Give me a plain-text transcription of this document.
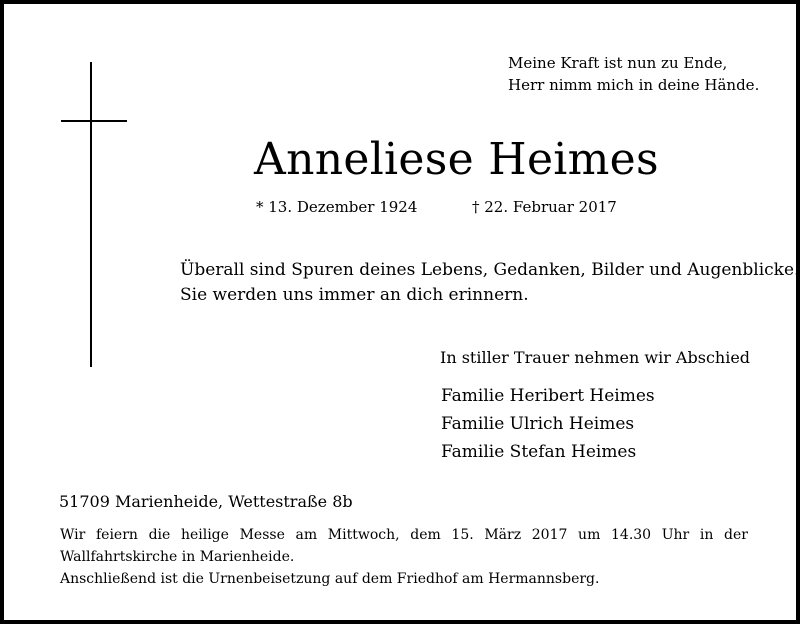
Meine Kraft ist nun zu Ende,
Herr nimm mich in deine Hände.
Anneliese Heimes
* 13. Dezember 1924	† 22. Februar 2017
Überall sind Spuren deines Lebens, Gedanken, Bilder und Augenblicke.
Sie werden uns immer an dich erinnern.
In stiller Trauer nehmen wir Abschied
Familie Heribert Heimes
Familie Ulrich Heimes
Familie Stefan Heimes
51709 Marienheide, Wettestraße 8b
Wir feiern die heilige Messe am Mittwoch, dem 15. März 2017 um 14.30 Uhr in der
Wallfahrtskirche in Marienheide.
Anschließend ist die Urnenbeisetzung auf dem Friedhof am Hermannsberg.
